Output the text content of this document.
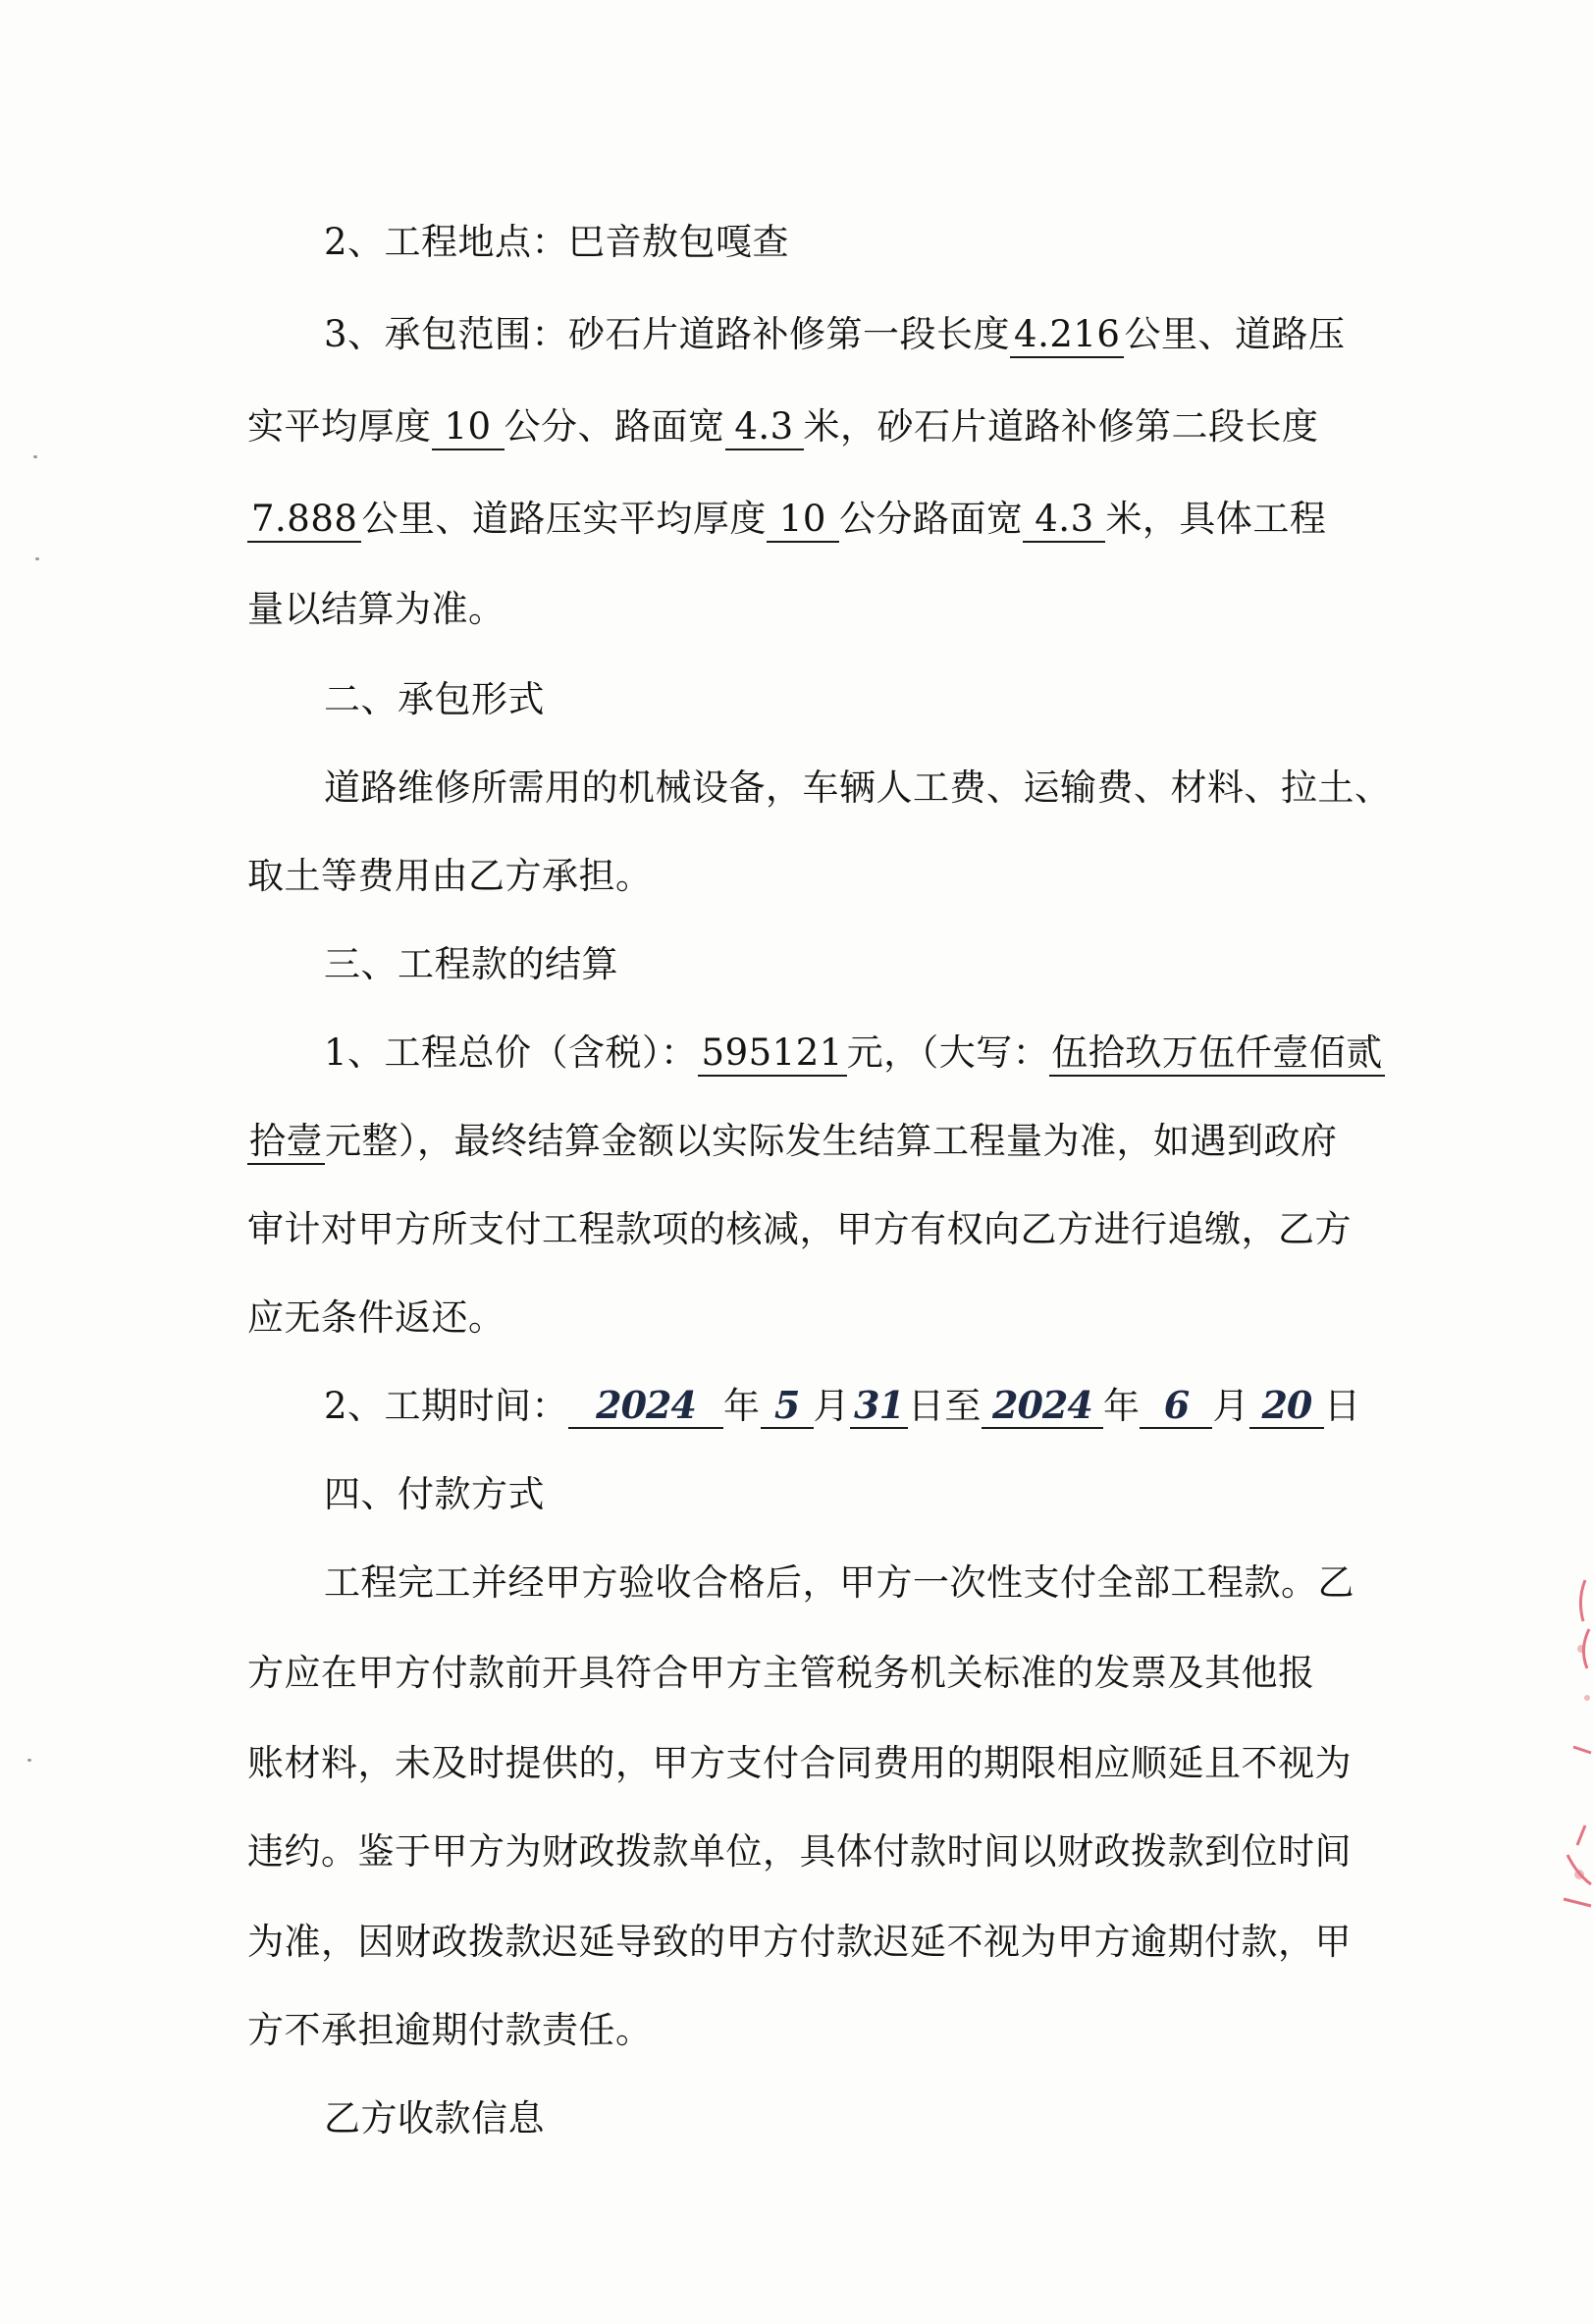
2、工程地点：巴音敖包嘎查
3、承包范围：砂石片道路补修第一段长度 4.216 公里、道路压
实平均厚度 10 公分、路面宽 4.3 米，砂石片道路补修第二段长度
7.888 公里、道路压实平均厚度 10 公分路面宽 4.3 米，具体工程
量以结算为准。
二、承包形式
道路维修所需用的机械设备，车辆人工费、运输费、材料、拉土、
取土等费用由乙方承担。
三、工程款的结算
1、工程总价（含税）： 595121 元，（大写：伍拾玖万伍仟壹佰贰
拾壹元整），最终结算金额以实际发生结算工程量为准，如遇到政府
审计对甲方所支付工程款项的核减，甲方有权向乙方进行追缴，乙方
应无条件返还。
2、工期时间： 2024 年 5 月 31 日至 2024 年 6 月 20 日
四、付款方式
工程完工并经甲方验收合格后，甲方一次性支付全部工程款。乙
方应在甲方付款前开具符合甲方主管税务机关标准的发票及其他报
账材料，未及时提供的，甲方支付合同费用的期限相应顺延且不视为
违约。鉴于甲方为财政拨款单位，具体付款时间以财政拨款到位时间
为准，因财政拨款迟延导致的甲方付款迟延不视为甲方逾期付款，甲
方不承担逾期付款责任。
乙方收款信息
